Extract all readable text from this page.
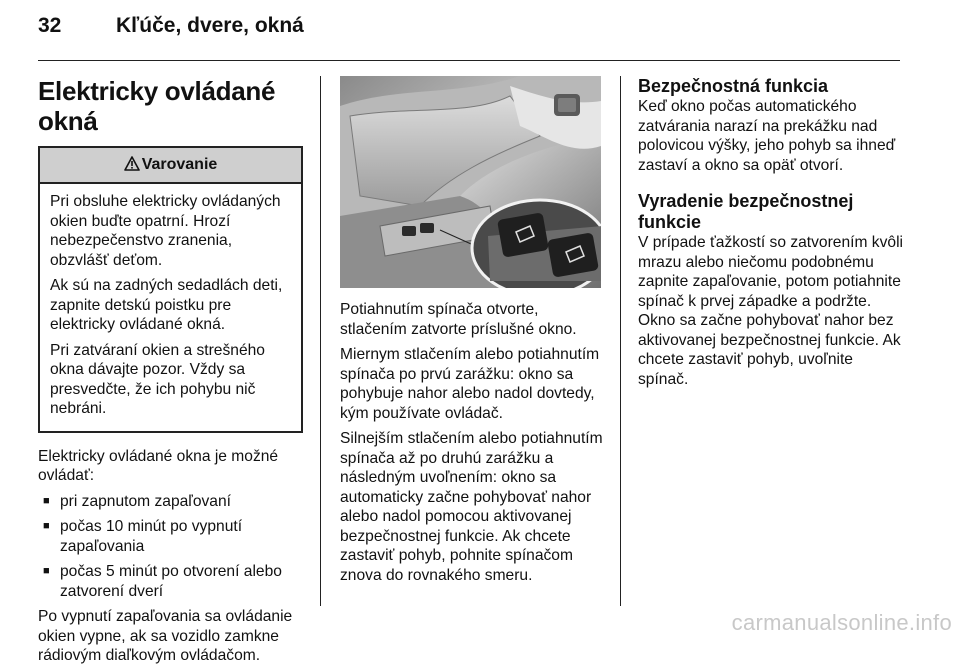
32	Kľúče, dvere, okná
Elektricky ovládané okná
Varovanie

Pri obsluhe elektricky ovládaných okien buďte opatrní. Hrozí nebezpečenstvo zranenia, obzvlášť deťom.

Ak sú na zadných sedadlách deti, zapnite detskú poistku pre elektricky ovládané okná.

Pri zatváraní okien a strešného okna dávajte pozor. Vždy sa presvedčte, že ich pohybu nič nebráni.

Elektricky ovládané okna je možné ovládať:

■ pri zapnutom zapaľovaní
■ počas 10 minút po vypnutí zapaľovania
■ počas 5 minút po otvorení alebo zatvorení dverí

Po vypnutí zapaľovania sa ovládanie okien vypne, ak sa vozidlo zamkne rádiovým diaľkovým ovládačom.

Potiahnutím spínača otvorte, stlačením zatvorte príslušné okno.

Miernym stlačením alebo potiahnutím spínača po prvú zarážku: okno sa pohybuje nahor alebo nadol dovtedy, kým používate ovládač.

Silnejším stlačením alebo potiahnutím spínača až po druhú zarážku a následným uvoľnením: okno sa automaticky začne pohybovať nahor alebo nadol pomocou aktivovanej bezpečnostnej funkcie. Ak chcete zastaviť pohyb, pohnite spínačom znova do rovnakého smeru.

Bezpečnostná funkcia

Keď okno počas automatického zatvárania narazí na prekážku nad polovicou výšky, jeho pohyb sa ihneď zastaví a okno sa opäť otvorí.

Vyradenie bezpečnostnej funkcie

V prípade ťažkostí so zatvorením kvôli mrazu alebo niečomu podobnému zapnite zapaľovanie, potom potiahnite spínač k prvej západke a podržte. Okno sa začne pohybovať nahor bez aktivovanej bezpečnostnej funkcie. Ak chcete zastaviť pohyb, uvoľnite spínač.

carmanualsonline.info
